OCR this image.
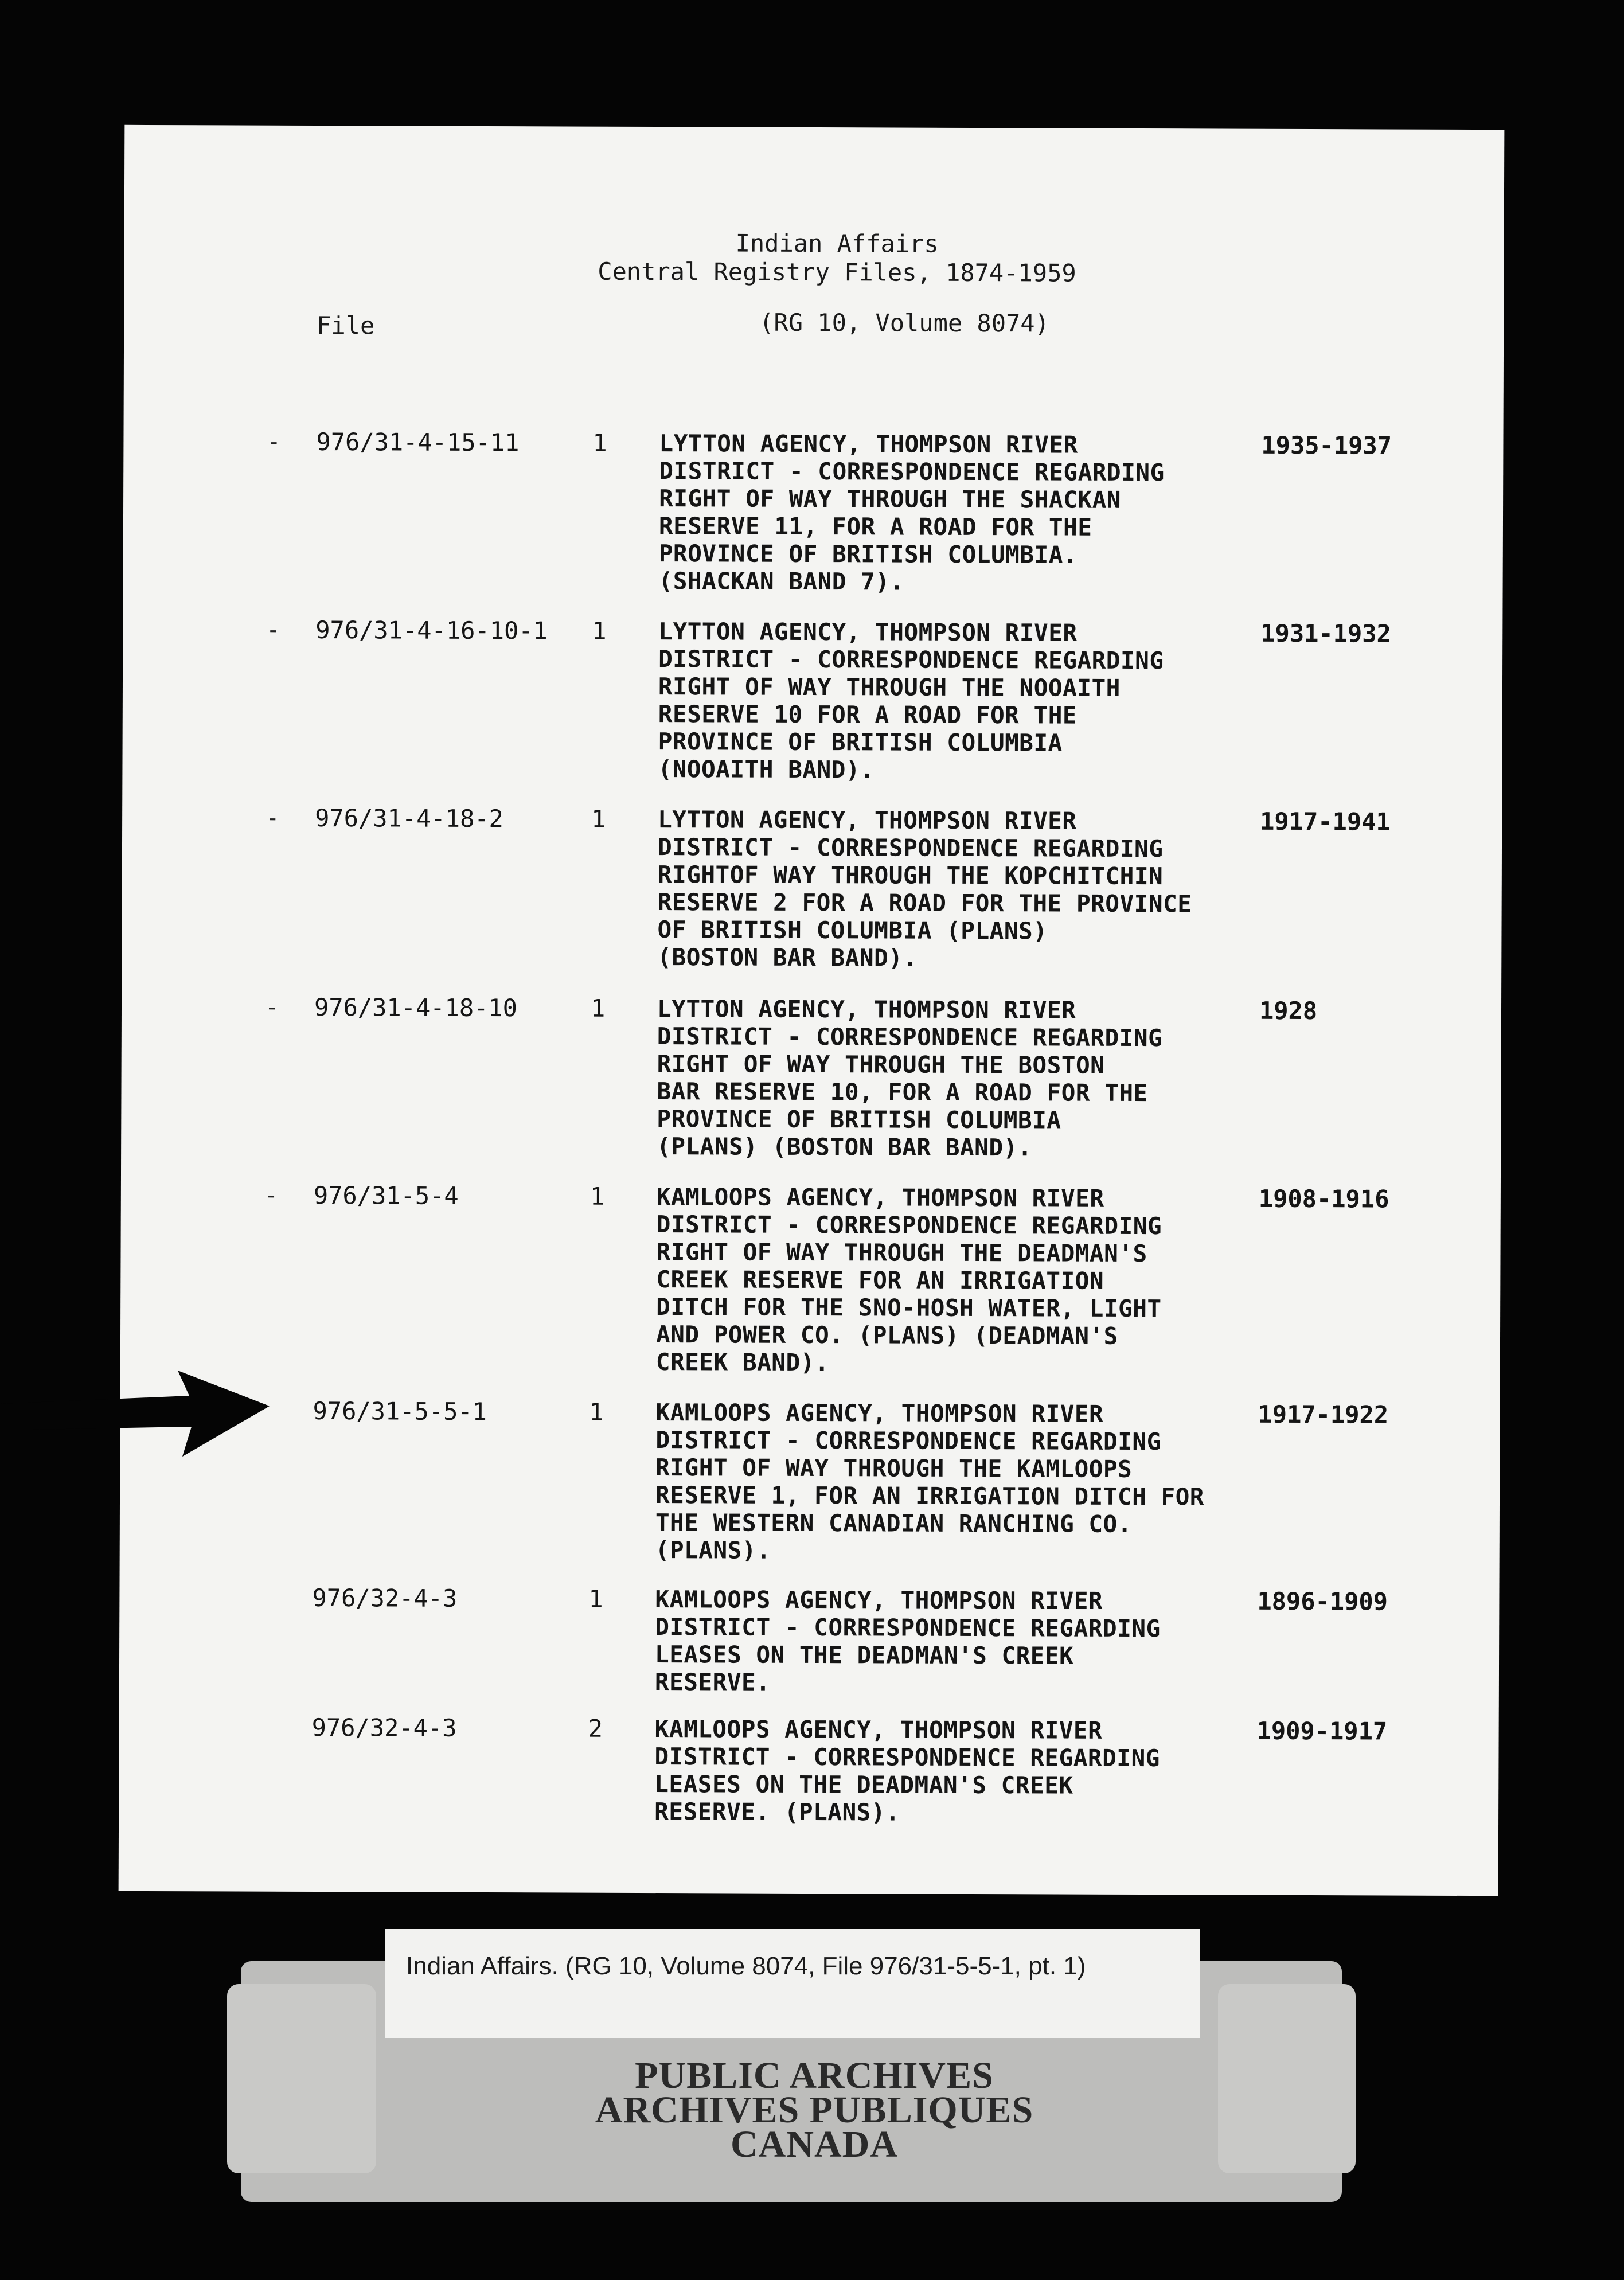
Indian Affairs
Central Registry Files, 1874-1959
File	(RG 10, Volume 8074)
- 976/31-4-15-11	1 LYTTON AGENCY, THOMPSON RIVER
DISTRICT - CORRESPONDENCE REGARDING
RIGHT OF WAY THROUGH THE SHACKAN
RESERVE 11, FOR A ROAD FOR THE
PROVINCE OF BRITISH COLUMBIA.
(SHACKAN BAND 7).
1935-1937
- 976/31-4-16-10-1 1 LYTTON AGENCY, THOMPSON RIVER
DISTRICT - CORRESPONDENCE REGARDING
RIGHT OF WAY THROUGH THE NOOAITH
RESERVE 10 FOR A ROAD FOR THE
PROVINCE OF BRITISH COLUMBIA
(NOOAITH BAND).
1931-1932
- 976/31-4-18-2	1 LYTTON AGENCY, THOMPSON RIVER
DISTRICT - CORRESPONDENCE REGARDING
RIGHTOF WAY THROUGH THE KOPCHITCHIN
RESERVE 2 FOR A ROAD FOR THE PROVINCE
OF BRITISH COLUMBIA (PLANS)
(BOSTON BAR BAND).
1917-1941
- 976/31-4-18-10	1 LYTTON AGENCY, THOMPSON RIVER
DISTRICT - CORRESPONDENCE REGARDING
RIGHT OF WAY THROUGH THE BOSTON
BAR RESERVE 10, FOR A ROAD FOR THE
PROVINCE OF BRITISH COLUMBIA
(PLANS) (BOSTON BAR BAND).
1928
- 976/31-5-4	1 KAMLOOPS AGENCY, THOMPSON RIVER
DISTRICT - CORRESPONDENCE REGARDING
RIGHT OF WAY THROUGH THE DEADMAN'S
CREEK RESERVE FOR AN IRRIGATION
DITCH FOR THE SNO-HOSH WATER, LIGHT
AND POWER CO. (PLANS) (DEADMAN'S
CREEK BAND).
1908-1916
976/31-5-5-1	1 KAMLOOPS AGENCY, THOMPSON RIVER
DISTRICT - CORRESPONDENCE REGARDING
RIGHT OF WAY THROUGH THE KAMLOOPS
RESERVE 1, FOR AN IRRIGATION DITCH FOR
THE WESTERN CANADIAN RANCHING CO.
(PLANS).
1917-1922
976/32-4-3	1 KAMLOOPS AGENCY, THOMPSON RIVER
DISTRICT - CORRESPONDENCE REGARDING
LEASES ON THE DEADMAN'S CREEK
RESERVE.
1896-1909
976/32-4-3	2 KAMLOOPS AGENCY, THOMPSON RIVER
DISTRICT - CORRESPONDENCE REGARDING
LEASES ON THE DEADMAN'S CREEK
RESERVE. (PLANS).
1909-1917
Indian Affairs. (RG 10, Volume 8074, File 976/31-5-5-1, pt. 1)
PUBLIC ARCHIVES
ARCHIVES PUBLIQUES
CANADA
